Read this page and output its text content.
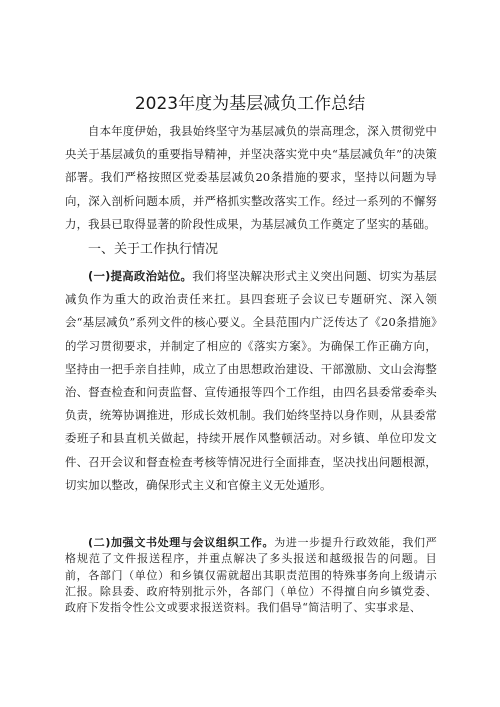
2023年度为基层减负工作总结

自本年度伊始，我县始终坚守为基层减负的崇高理念，深入贯彻党中央关于基层减负的重要指导精神，并坚决落实党中央“基层减负年”的决策部署。我们严格按照区党委基层减负20条措施的要求，坚持以问题为导向，深入剖析问题本质，并严格抓实整改落实工作。经过一系列的不懈努力，我县已取得显著的阶段性成果，为基层减负工作奠定了坚实的基础。

一、关于工作执行情况

(一)提高政治站位。我们将坚决解决形式主义突出问题、切实为基层减负作为重大的政治责任来扛。县四套班子会议已专题研究、深入领会“基层减负”系列文件的核心要义。全县范围内广泛传达了《20条措施》的学习贯彻要求，并制定了相应的《落实方案》。为确保工作正确方向，坚持由一把手亲自挂帅，成立了由思想政治建设、干部激励、文山会海整治、督查检查和问责监督、宣传通报等四个工作组，由四名县委常委牵头负责，统筹协调推进，形成长效机制。我们始终坚持以身作则，从县委常委班子和县直机关做起，持续开展作风整顿活动。对乡镇、单位印发文件、召开会议和督查检查考核等情况进行全面排查，坚决找出问题根源，切实加以整改，确保形式主义和官僚主义无处遁形。

(二)加强文书处理与会议组织工作。为进一步提升行政效能，我们严格规范了文件报送程序，并重点解决了多头报送和越级报告的问题。目前，各部门（单位）和乡镇仅需就超出其职责范围的特殊事务向上级请示汇报。除县委、政府特别批示外，各部门（单位）不得擅自向乡镇党委、政府下发指令性公文或要求报送资料。我们倡导“简洁明了、实事求是、
